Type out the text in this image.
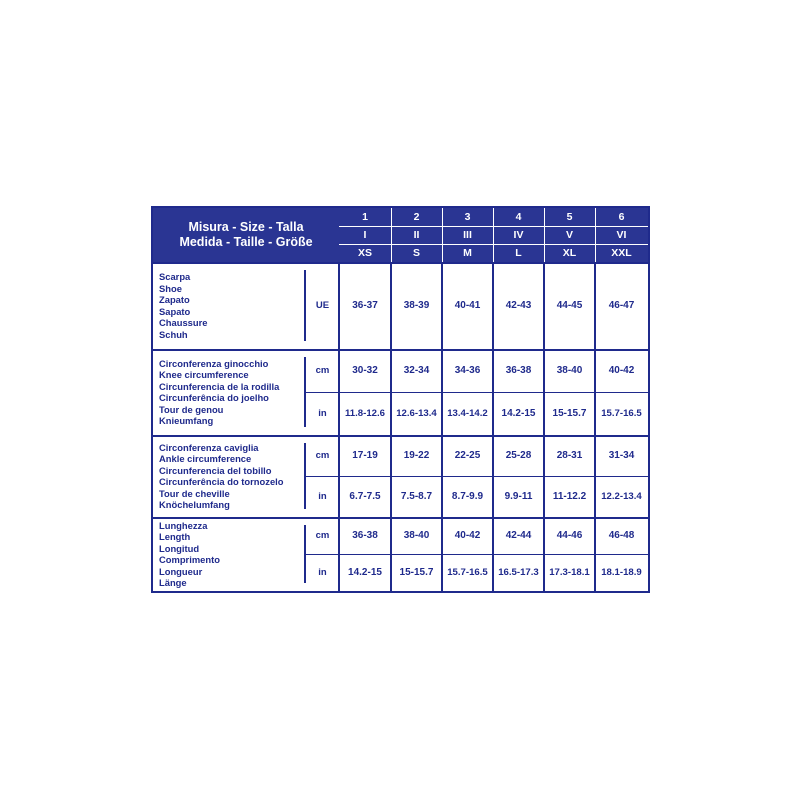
Misura - Size - Talla
Medida - Taille - Größe
1	2	3	4	5	6
I	II	III	IV	V	VI
XS	S	M	L	XL	XXL
Scarpa
Shoe
Zapato
Sapato
Chaussure
Schuh
UE	36-37	38-39	40-41	42-43	44-45	46-47
Circonferenza ginocchio
Knee circumference
Circunferencia de la rodilla
Circunferência do joelho
Tour de genou
Knieumfang
cm	30-32	32-34	34-36	36-38	38-40	40-42
in	11.8-12.6	12.6-13.4	13.4-14.2	14.2-15	15-15.7	15.7-16.5
Circonferenza caviglia
Ankle circumference
Circunferencia del tobillo
Circunferência do tornozelo
Tour de cheville
Knöchelumfang
cm	17-19	19-22	22-25	25-28	28-31	31-34
in	6.7-7.5	7.5-8.7	8.7-9.9	9.9-11	11-12.2	12.2-13.4
Lunghezza
Length
Longitud
Comprimento
Longueur
Länge
cm	36-38	38-40	40-42	42-44	44-46	46-48
in	14.2-15	15-15.7	15.7-16.5	16.5-17.3	17.3-18.1	18.1-18.9
